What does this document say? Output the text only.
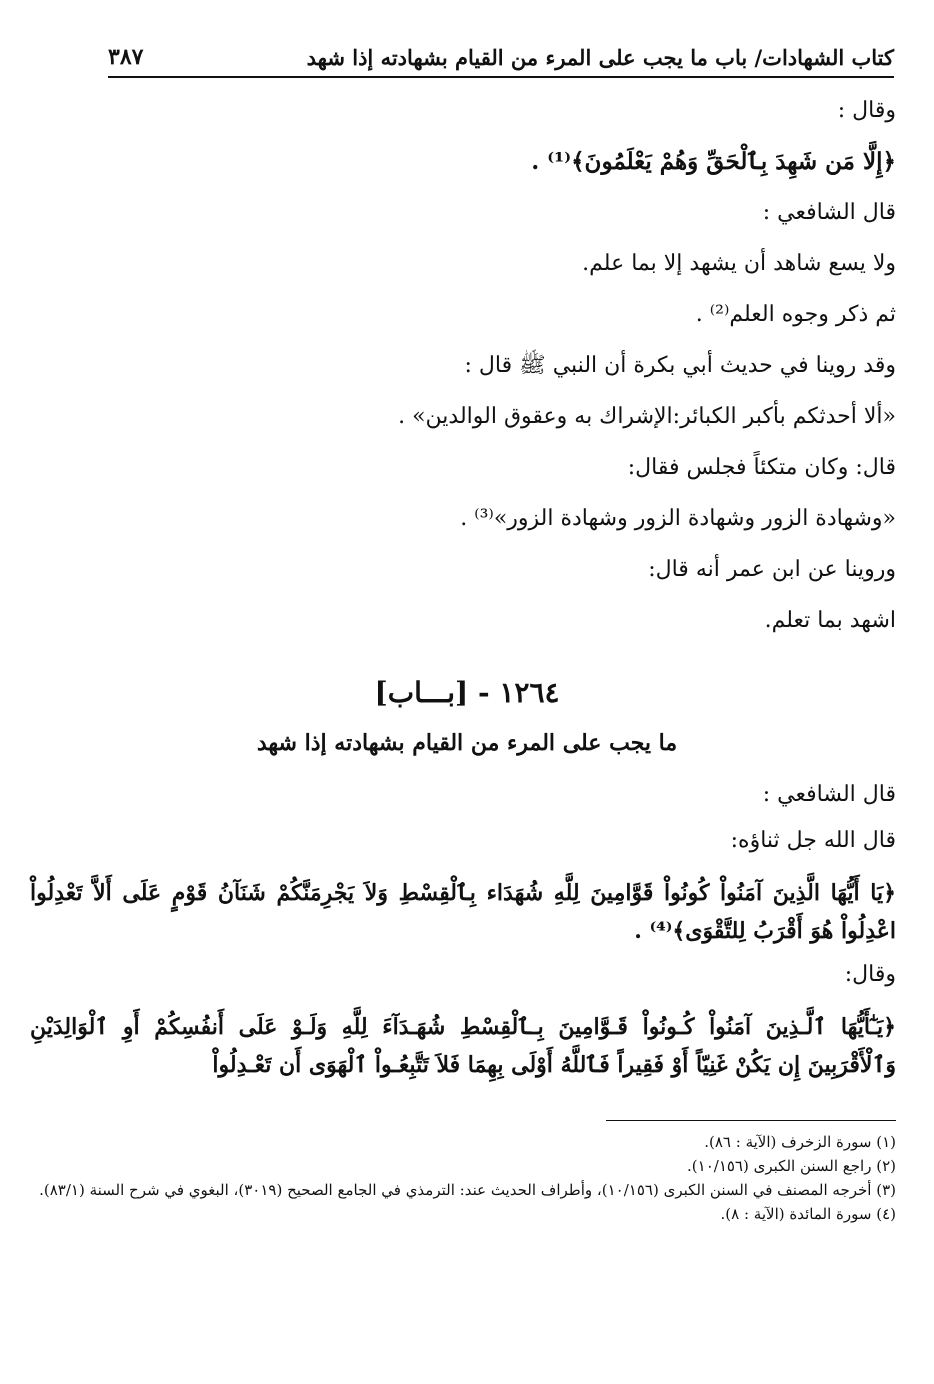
كتاب الشهادات/ باب ما يجب على المرء من القيام بشهادته إذا شهد
٣٨٧
وقال :
﴿إِلَّا مَن شَهِدَ بِٱلْحَقِّ وَهُمْ يَعْلَمُونَ﴾⁽¹⁾ .
قال الشافعي :
ولا يسع شاهد أن يشهد إلا بما علم.
ثم ذكر وجوه العلم⁽²⁾ .
وقد روينا في حديث أبي بكرة أن النبي ﷺ قال :
«ألا أحدثكم بأكبر الكبائر:الإشراك به وعقوق الوالدين» .
قال: وكان متكئاً فجلس فقال:
«وشهادة الزور وشهادة الزور وشهادة الزور»⁽³⁾ .
وروينا عن ابن عمر أنه قال:
اشهد بما تعلم.
١٢٦٤ - [بـــاب]
ما يجب على المرء من القيام بشهادته إذا شهد
قال الشافعي :
قال الله جل ثناؤه:
﴿يَا أَيُّهَا الَّذِينَ آمَنُواْ كُونُواْ قَوَّامِينَ لِلَّهِ شُهَدَاء بِٱلْقِسْطِ وَلاَ يَجْرِمَنَّكُمْ شَنَآنُ قَوْمٍ عَلَى أَلاَّ تَعْدِلُواْ اعْدِلُواْ هُوَ أَقْرَبُ لِلتَّقْوَى﴾⁽⁴⁾ .
وقال:
﴿يَـٰٓأَيُّهَا ٱلَّـذِينَ آمَنُواْ كُـونُواْ قَـوَّامِينَ بِـٱلْقِسْطِ شُهَـدَآءَ لِلَّهِ وَلَـوْ عَلَى أَنفُسِكُمْ أَوِ ٱلْوَالِدَيْنِ وَٱلْأَقْرَبِينَ إِن يَكُنْ غَنِيّاً أَوْ فَقِيراً فَٱللَّهُ أَوْلَى بِهِمَا فَلاَ تَتَّبِعُـواْ ٱلْهَوَى أَن تَعْـدِلُواْ
(١) سورة الزخرف (الآية : ٨٦).
(٢) راجع السنن الكبرى (١٠/١٥٦).
(٣) أخرجه المصنف في السنن الكبرى (١٠/١٥٦)، وأطراف الحديث عند: الترمذي في الجامع الصحيح (٣٠١٩)، البغوي في شرح السنة (٨٣/١).
(٤) سورة المائدة (الآية : ٨).
